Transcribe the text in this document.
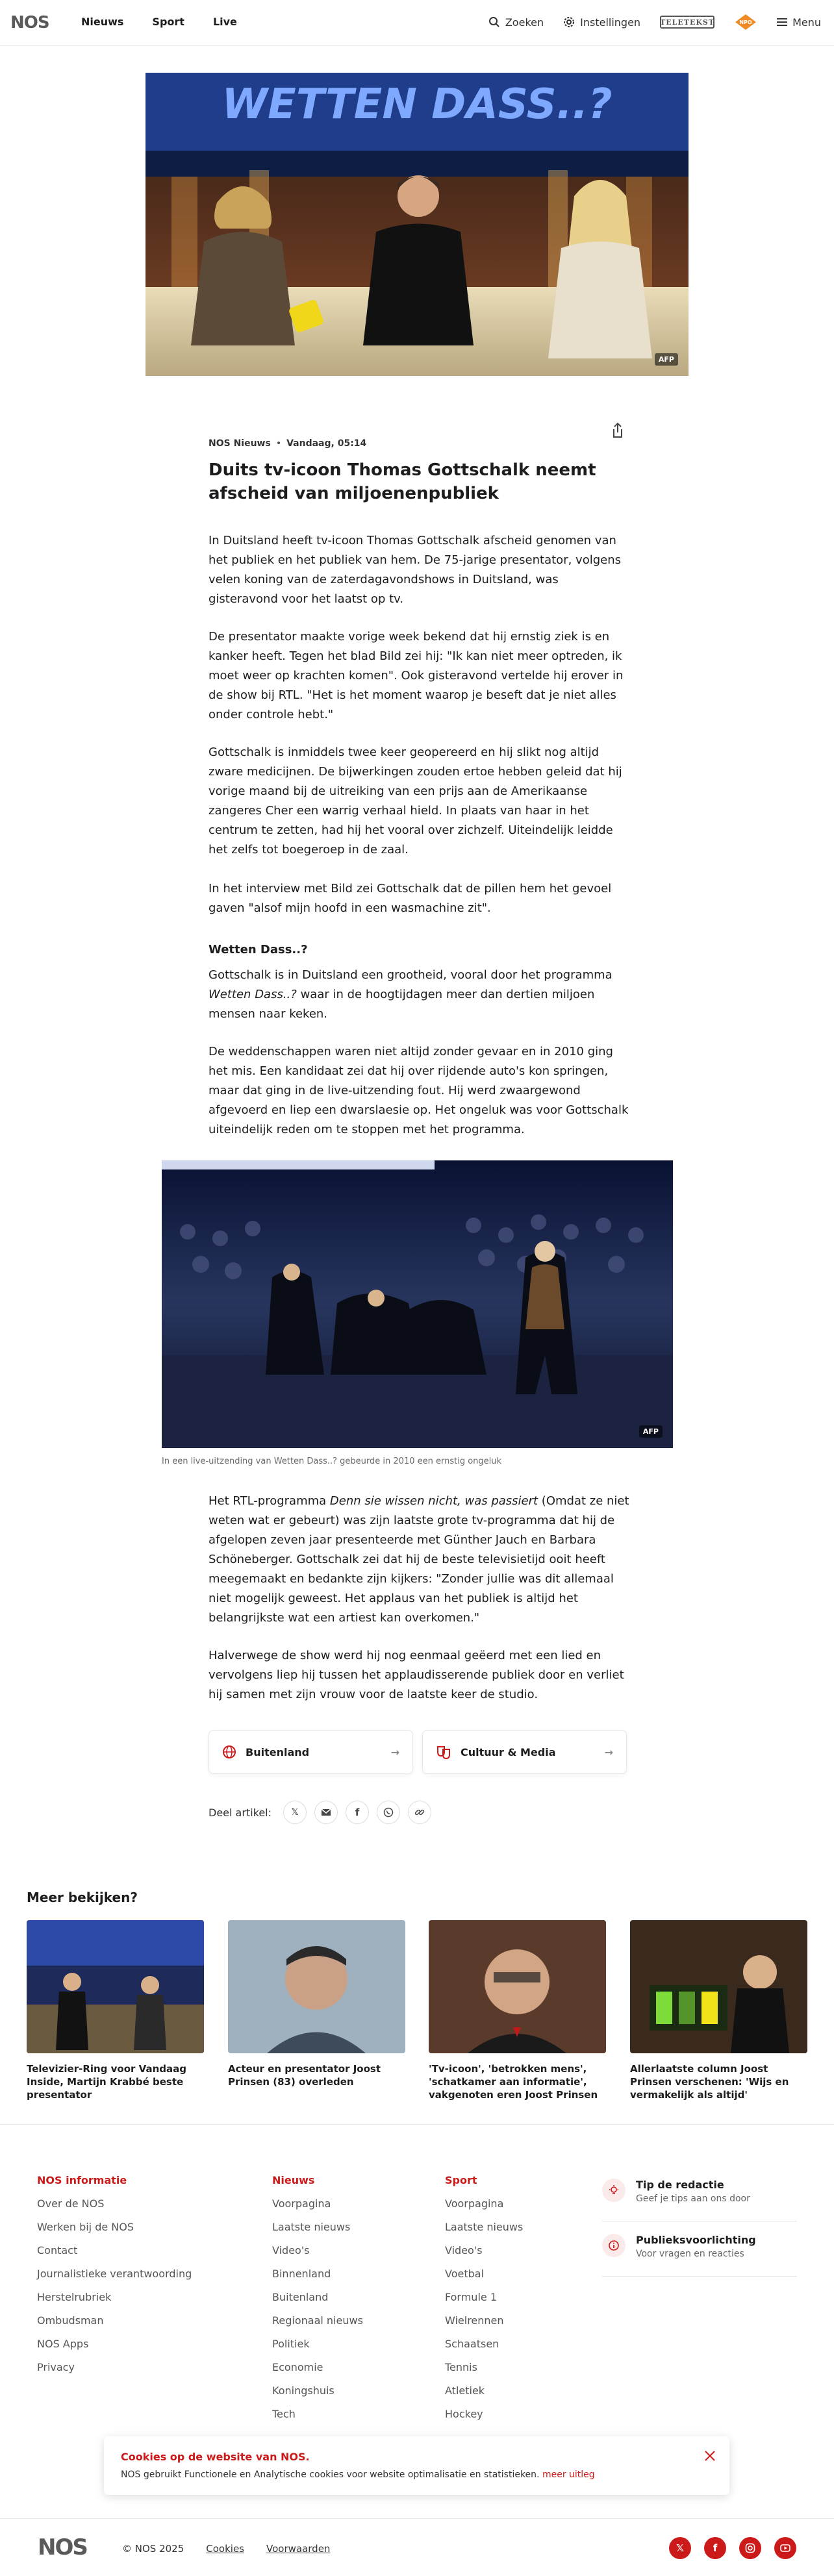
NOS	Nieuws	Sport	Live	Zoeken	Instellingen	TELETEKST	NPO	Menu
WETTEN DASS..?
AFP
NOS Nieuws • Vandaag, 05:14
Duits tv-icoon Thomas Gottschalk neemt afscheid van miljoenenpubliek

In Duitsland heeft tv-icoon Thomas Gottschalk afscheid genomen van het publiek en het publiek van hem. De 75-jarige presentator, volgens velen koning van de zaterdagavondshows in Duitsland, was gisteravond voor het laatst op tv.

De presentator maakte vorige week bekend dat hij ernstig ziek is en kanker heeft. Tegen het blad Bild zei hij: "Ik kan niet meer optreden, ik moet weer op krachten komen". Ook gisteravond vertelde hij erover in de show bij RTL. "Het is het moment waarop je beseft dat je niet alles onder controle hebt."

Gottschalk is inmiddels twee keer geopereerd en hij slikt nog altijd zware medicijnen. De bijwerkingen zouden ertoe hebben geleid dat hij vorige maand bij de uitreiking van een prijs aan de Amerikaanse zangeres Cher een warrig verhaal hield. In plaats van haar in het centrum te zetten, had hij het vooral over zichzelf. Uiteindelijk leidde het zelfs tot boegeroep in de zaal.

In het interview met Bild zei Gottschalk dat de pillen hem het gevoel gaven "alsof mijn hoofd in een wasmachine zit".

Wetten Dass..?

Gottschalk is in Duitsland een grootheid, vooral door het programma Wetten Dass..? waar in de hoogtijdagen meer dan dertien miljoen mensen naar keken.

De weddenschappen waren niet altijd zonder gevaar en in 2010 ging het mis. Een kandidaat zei dat hij over rijdende auto's kon springen, maar dat ging in de live-uitzending fout. Hij werd zwaargewond afgevoerd en liep een dwarslaesie op. Het ongeluk was voor Gottschalk uiteindelijk reden om te stoppen met het programma.

AFP
In een live-uitzending van Wetten Dass..? gebeurde in 2010 een ernstig ongeluk

Het RTL-programma Denn sie wissen nicht, was passiert (Omdat ze niet weten wat er gebeurt) was zijn laatste grote tv-programma dat hij de afgelopen zeven jaar presenteerde met Günther Jauch en Barbara Schöneberger. Gottschalk zei dat hij de beste televisietijd ooit heeft meegemaakt en bedankte zijn kijkers: "Zonder jullie was dit allemaal niet mogelijk geweest. Het applaus van het publiek is altijd het belangrijkste wat een artiest kan overkomen."

Halverwege de show werd hij nog eenmaal geëerd met een lied en vervolgens liep hij tussen het applaudisserende publiek door en verliet hij samen met zijn vrouw voor de laatste keer de studio.

Buitenland	→	Cultuur & Media	→
Deel artikel: 𝕏	f
Meer bekijken?
Televizier-Ring voor Vandaag Inside, Martijn Krabbé beste presentator
Acteur en presentator Joost Prinsen (83) overleden
'Tv-icoon', 'betrokken mens', 'schatkamer aan informatie', vakgenoten eren Joost Prinsen
Allerlaatste column Joost Prinsen verschenen: 'Wijs en vermakelijk als altijd'
NOS informatie
Over de NOS
Werken bij de NOS
Contact
Journalistieke verantwoording
Herstelrubriek
Ombudsman
NOS Apps
Privacy
Nieuws
Voorpagina
Laatste nieuws
Video's
Binnenland
Buitenland
Regionaal nieuws
Politiek
Economie
Koningshuis
Tech
Sport
Voorpagina
Laatste nieuws
Video's
Voetbal
Formule 1
Wielrennen
Schaatsen
Tennis
Atletiek
Hockey
Tip de redactie
Geef je tips aan ons door
Publieksvoorlichting
Voor vragen en reacties
Cookies op de website van NOS.
NOS gebruikt Functionele en Analytische cookies voor website optimalisatie en statistieken. meer uitleg
NOS	© NOS 2025 Cookies Voorwaarden	𝕏	f
